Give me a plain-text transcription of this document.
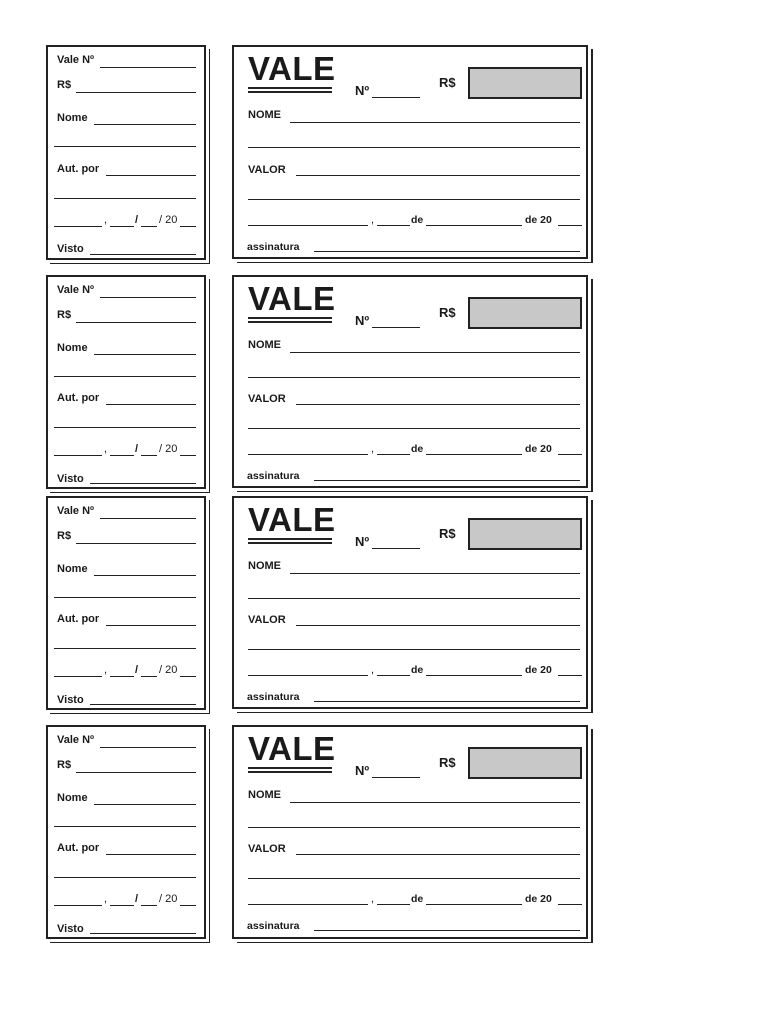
Vale Nº
R$
Nome
Aut. por
,	/ / 20
Visto
VALE
Nº
R$
NOME
VALOR
,	de	de 20
assinatura
Vale Nº
R$
Nome
Aut. por
,	/ / 20
Visto
VALE
Nº
R$
NOME
VALOR
,	de	de 20
assinatura
Vale Nº
R$
Nome
Aut. por
,	/ / 20
Visto
VALE
Nº
R$
NOME
VALOR
,	de	de 20
assinatura
Vale Nº
R$
Nome
Aut. por
,	/ / 20
Visto
VALE
Nº
R$
NOME
VALOR
,	de	de 20
assinatura
